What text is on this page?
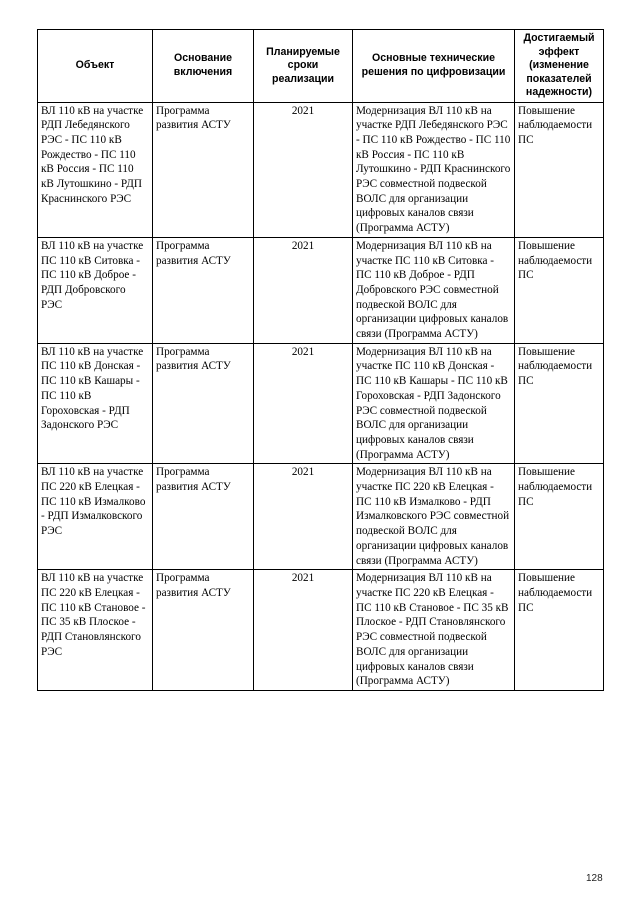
Объект	Основание включения	Планируемые сроки реализации	Основные технические решения по цифровизации	Достигаемый эффект (изменение показателей надежности)
ВЛ 110 кВ на участке РДП Лебедянского РЭС - ПС 110 кВ Рождество - ПС 110 кВ Россия - ПС 110 кВ Лутошкино - РДП Краснинского РЭС	Программа развития АСТУ	2021	Модернизация ВЛ 110 кВ на участке РДП Лебедянского РЭС - ПС 110 кВ Рождество - ПС 110 кВ Россия - ПС 110 кВ Лутошкино - РДП Краснинского РЭС совместной подвеской ВОЛС для организации цифровых каналов связи (Программа АСТУ)	Повышение наблюдаемости ПС
ВЛ 110 кВ на участке ПС 110 кВ Ситовка - ПС 110 кВ Доброе - РДП Добровского РЭС	Программа развития АСТУ	2021	Модернизация ВЛ 110 кВ на участке ПС 110 кВ Ситовка - ПС 110 кВ Доброе - РДП Добровского РЭС совместной подвеской ВОЛС для организации цифровых каналов связи (Программа АСТУ)	Повышение наблюдаемости ПС
ВЛ 110 кВ на участке ПС 110 кВ Донская - ПС 110 кВ Кашары - ПС 110 кВ Гороховская - РДП Задонского РЭС	Программа развития АСТУ	2021	Модернизация ВЛ 110 кВ на участке ПС 110 кВ Донская - ПС 110 кВ Кашары - ПС 110 кВ Гороховская - РДП Задонского РЭС совместной подвеской ВОЛС для организации цифровых каналов связи (Программа АСТУ)	Повышение наблюдаемости ПС
ВЛ 110 кВ на участке ПС 220 кВ Елецкая - ПС 110 кВ Измалково - РДП Измалковского РЭС	Программа развития АСТУ	2021	Модернизация ВЛ 110 кВ на участке ПС 220 кВ Елецкая - ПС 110 кВ Измалково - РДП Измалковского РЭС совместной подвеской ВОЛС для организации цифровых каналов связи (Программа АСТУ)	Повышение наблюдаемости ПС
ВЛ 110 кВ на участке ПС 220 кВ Елецкая - ПС 110 кВ Становое - ПС 35 кВ Плоское - РДП Становлянского РЭС	Программа развития АСТУ	2021	Модернизация ВЛ 110 кВ на участке ПС 220 кВ Елецкая - ПС 110 кВ Становое - ПС 35 кВ Плоское - РДП Становлянского РЭС совместной подвеской ВОЛС для организации цифровых каналов связи (Программа АСТУ)	Повышение наблюдаемости ПС
128
